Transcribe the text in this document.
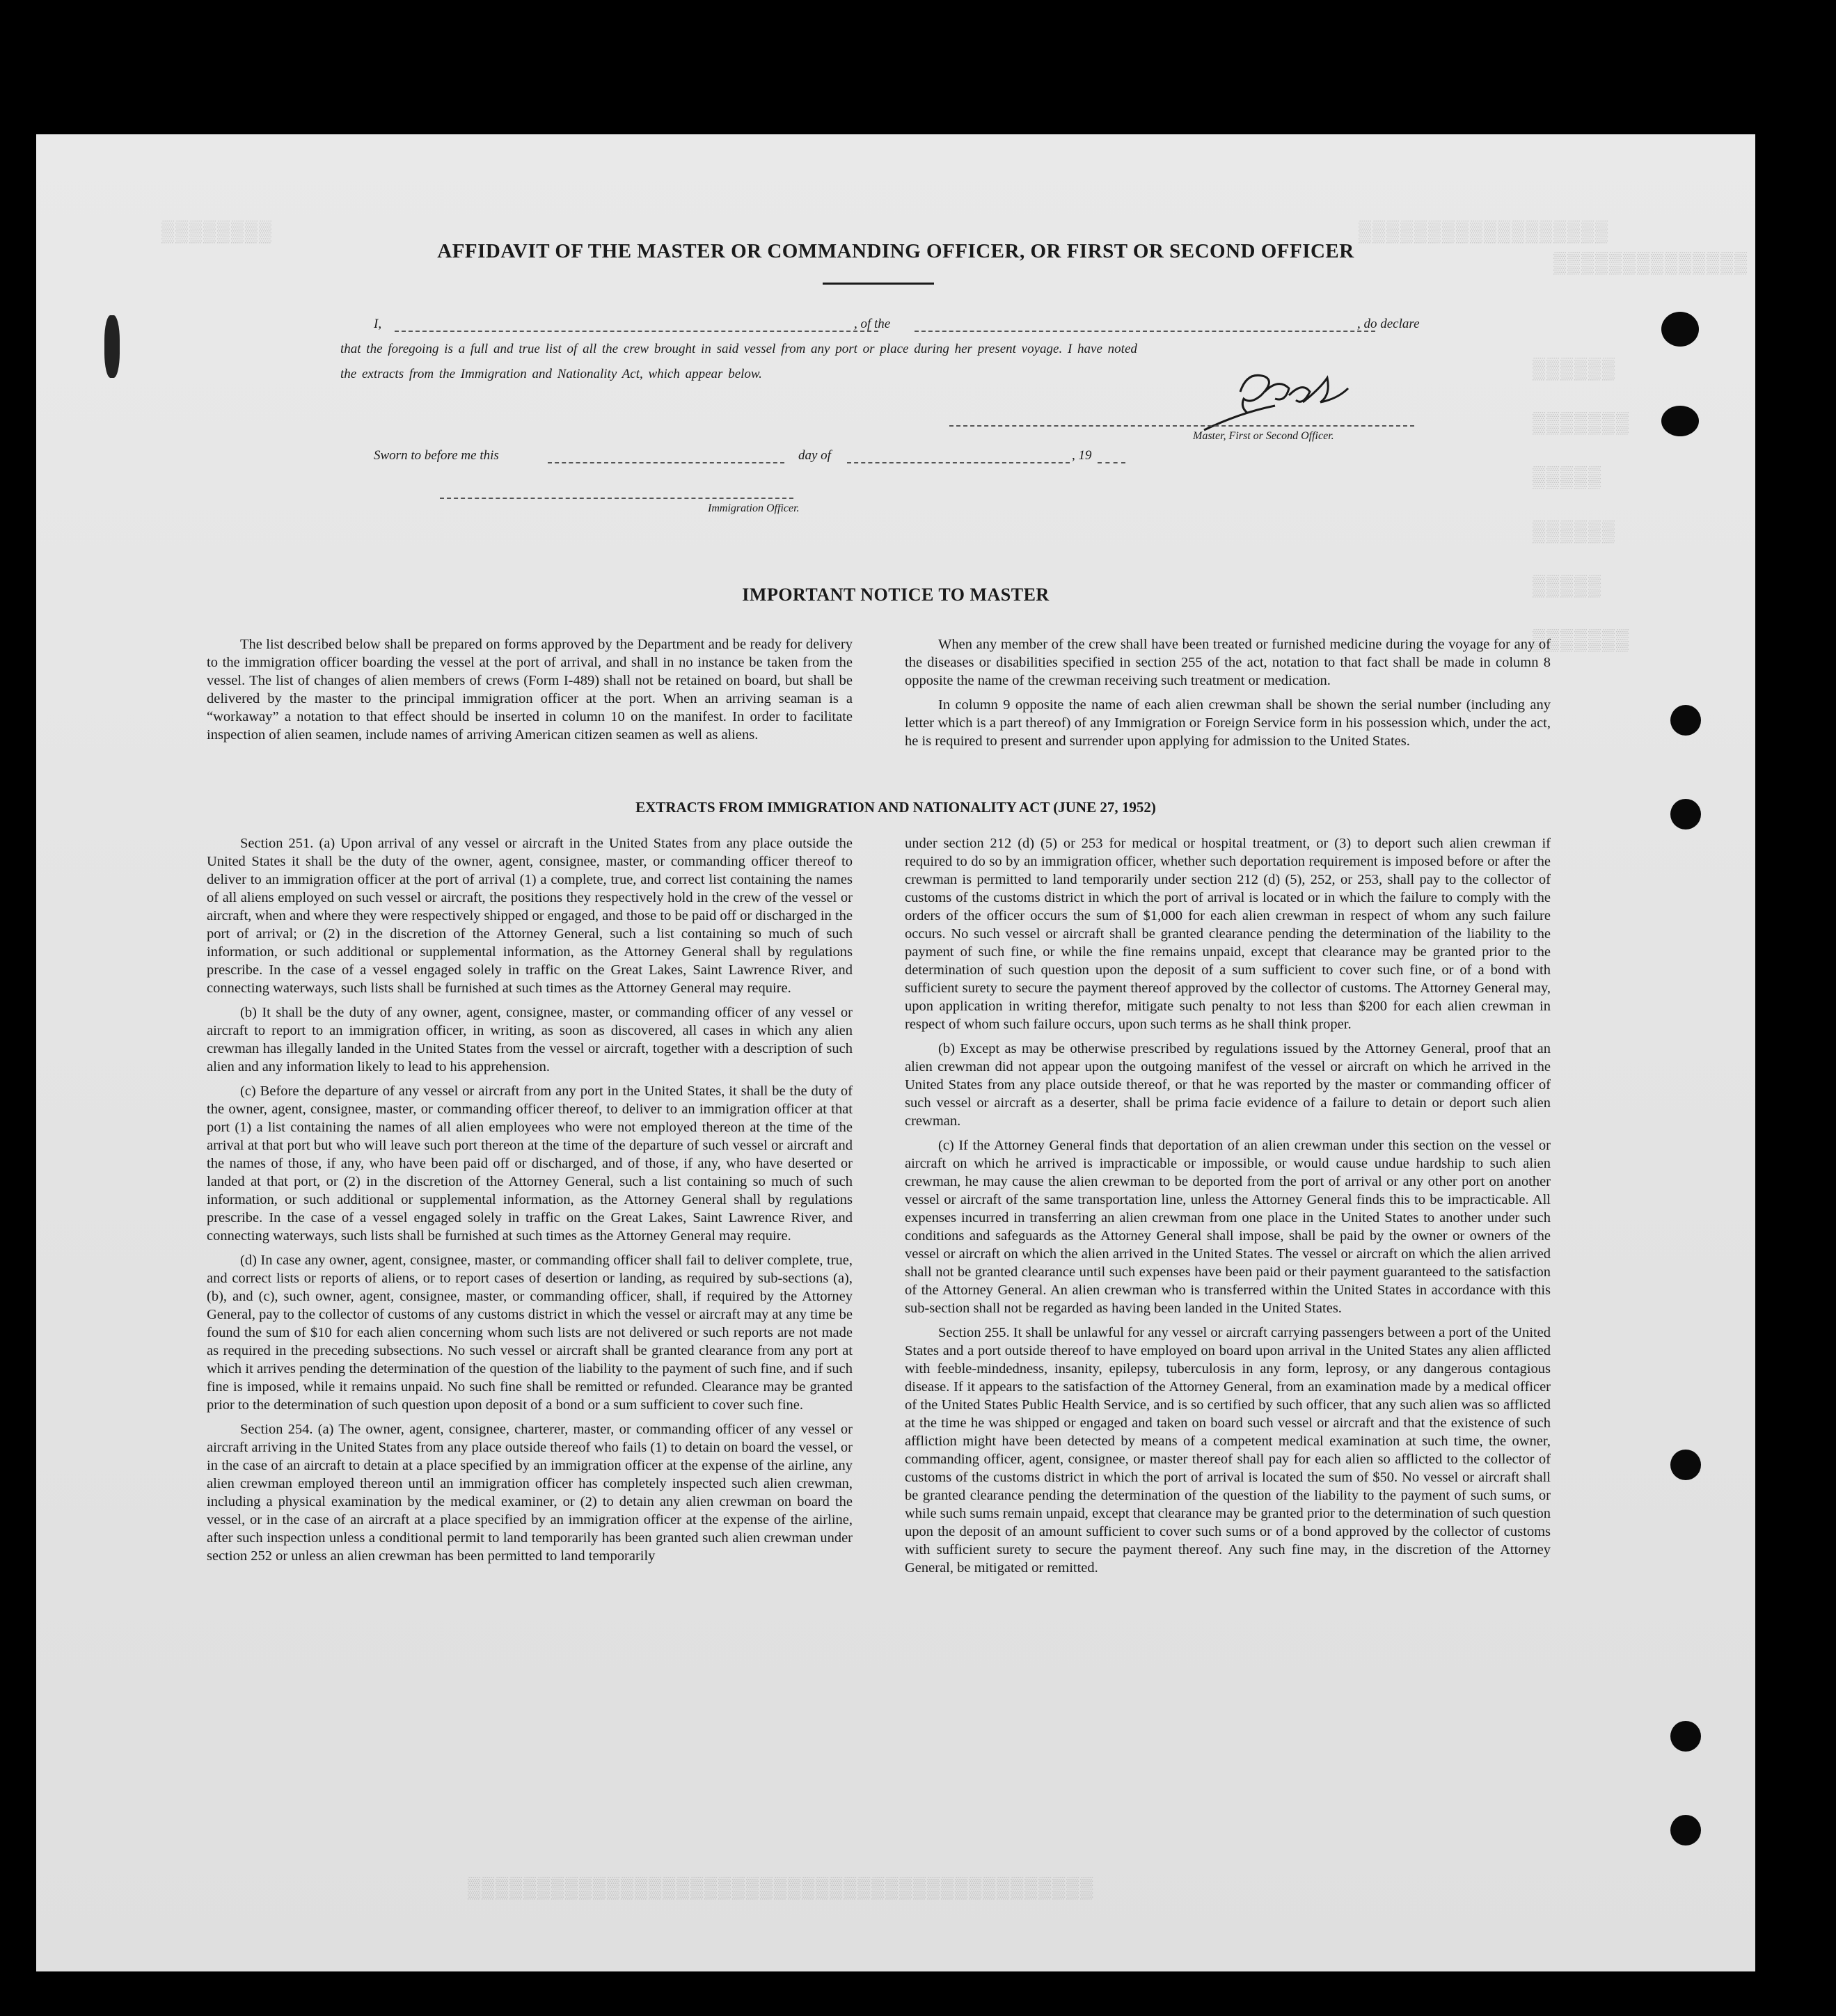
▒▒▒▒▒▒▒▒	▒▒▒▒▒▒▒▒▒▒▒▒▒▒▒▒▒▒
▒▒▒▒▒▒▒▒▒▒▒▒▒▒
▒▒▒▒▒▒
▒▒▒▒▒▒▒
▒▒▒▒▒
▒▒▒▒▒▒
▒▒▒▒▒
▒▒▒▒▒▒▒
AFFIDAVIT OF THE MASTER OR COMMANDING OFFICER, OR FIRST OR SECOND OFFICER
I,	, of the	, do declare
that the foregoing is a full and true list of all the crew brought in said vessel from any port or place during her present voyage. I have noted
the extracts from the Immigration and Nationality Act, which appear below.
Master, First or Second Officer.
Sworn to before me this	day of	, 19
Immigration Officer.
IMPORTANT NOTICE TO MASTER

The list described below shall be prepared on forms approved by the Department and be ready for delivery to the immigration officer boarding the vessel at the port of arrival, and shall in no instance be taken from the vessel. The list of changes of alien members of crews (Form I-489) shall not be retained on board, but shall be delivered by the master to the principal immigration officer at the port. When an arriving seaman is a “workaway” a notation to that effect should be inserted in column 10 on the manifest. In order to facilitate inspection of alien seamen, include names of arriving American citizen seamen as well as aliens.

When any member of the crew shall have been treated or furnished medicine during the voyage for any of the diseases or disabilities specified in section 255 of the act, notation to that fact shall be made in column 8 opposite the name of the crewman receiving such treatment or medication.

In column 9 opposite the name of each alien crewman shall be shown the serial number (including any letter which is a part thereof) of any Immigration or Foreign Service form in his possession which, under the act, he is required to present and surrender upon applying for admission to the United States.

EXTRACTS FROM IMMIGRATION AND NATIONALITY ACT (JUNE 27, 1952)

Section 251. (a) Upon arrival of any vessel or aircraft in the United States from any place outside the United States it shall be the duty of the owner, agent, consignee, master, or commanding officer thereof to deliver to an immigration officer at the port of arrival (1) a complete, true, and correct list containing the names of all aliens employed on such vessel or aircraft, the positions they respectively hold in the crew of the vessel or aircraft, when and where they were respectively shipped or engaged, and those to be paid off or discharged in the port of arrival; or (2) in the discretion of the Attorney General, such a list containing so much of such information, or such additional or supplemental information, as the Attorney General shall by regulations prescribe. In the case of a vessel engaged solely in traffic on the Great Lakes, Saint Lawrence River, and connecting waterways, such lists shall be furnished at such times as the Attorney General may require.

(b) It shall be the duty of any owner, agent, consignee, master, or commanding officer of any vessel or aircraft to report to an immigration officer, in writing, as soon as discovered, all cases in which any alien crewman has illegally landed in the United States from the vessel or aircraft, together with a description of such alien and any information likely to lead to his apprehension.

(c) Before the departure of any vessel or aircraft from any port in the United States, it shall be the duty of the owner, agent, consignee, master, or commanding officer thereof, to deliver to an immigration officer at that port (1) a list containing the names of all alien employees who were not employed thereon at the time of the arrival at that port but who will leave such port thereon at the time of the departure of such vessel or aircraft and the names of those, if any, who have been paid off or discharged, and of those, if any, who have deserted or landed at that port, or (2) in the discretion of the Attorney General, such a list containing so much of such information, or such additional or supplemental information, as the Attorney General shall by regulations prescribe. In the case of a vessel engaged solely in traffic on the Great Lakes, Saint Lawrence River, and connecting waterways, such lists shall be furnished at such times as the Attorney General may require.

(d) In case any owner, agent, consignee, master, or commanding officer shall fail to deliver complete, true, and correct lists or reports of aliens, or to report cases of desertion or landing, as required by sub-sections (a), (b), and (c), such owner, agent, consignee, master, or commanding officer, shall, if required by the Attorney General, pay to the collector of customs of any customs district in which the vessel or aircraft may at any time be found the sum of $10 for each alien concerning whom such lists are not delivered or such reports are not made as required in the preceding subsections. No such vessel or aircraft shall be granted clearance from any port at which it arrives pending the determination of the question of the liability to the payment of such fine, and if such fine is imposed, while it remains unpaid. No such fine shall be remitted or refunded. Clearance may be granted prior to the determination of such question upon deposit of a bond or a sum sufficient to cover such fine.

Section 254. (a) The owner, agent, consignee, charterer, master, or commanding officer of any vessel or aircraft arriving in the United States from any place outside thereof who fails (1) to detain on board the vessel, or in the case of an aircraft to detain at a place specified by an immigration officer at the expense of the airline, any alien crewman employed thereon until an immigration officer has completely inspected such alien crewman, including a physical examination by the medical examiner, or (2) to detain any alien crewman on board the vessel, or in the case of an aircraft at a place specified by an immigration officer at the expense of the airline, after such inspection unless a conditional permit to land temporarily has been granted such alien crewman under section 252 or unless an alien crewman has been permitted to land temporarily

under section 212 (d) (5) or 253 for medical or hospital treatment, or (3) to deport such alien crewman if required to do so by an immigration officer, whether such deportation requirement is imposed before or after the crewman is permitted to land temporarily under section 212 (d) (5), 252, or 253, shall pay to the collector of customs of the customs district in which the port of arrival is located or in which the failure to comply with the orders of the officer occurs the sum of $1,000 for each alien crewman in respect of whom any such failure occurs. No such vessel or aircraft shall be granted clearance pending the determination of the liability to the payment of such fine, or while the fine remains unpaid, except that clearance may be granted prior to the determination of such question upon the deposit of a sum sufficient to cover such fine, or of a bond with sufficient surety to secure the payment thereof approved by the collector of customs. The Attorney General may, upon application in writing therefor, mitigate such penalty to not less than $200 for each alien crewman in respect of whom such failure occurs, upon such terms as he shall think proper.

(b) Except as may be otherwise prescribed by regulations issued by the Attorney General, proof that an alien crewman did not appear upon the outgoing manifest of the vessel or aircraft on which he arrived in the United States from any place outside thereof, or that he was reported by the master or commanding officer of such vessel or aircraft as a deserter, shall be prima facie evidence of a failure to detain or deport such alien crewman.

(c) If the Attorney General finds that deportation of an alien crewman under this section on the vessel or aircraft on which he arrived is impracticable or impossible, or would cause undue hardship to such alien crewman, he may cause the alien crewman to be deported from the port of arrival or any other port on another vessel or aircraft of the same transportation line, unless the Attorney General finds this to be impracticable. All expenses incurred in transferring an alien crewman from one place in the United States to another under such conditions and safeguards as the Attorney General shall impose, shall be paid by the owner or owners of the vessel or aircraft on which the alien arrived in the United States. The vessel or aircraft on which the alien arrived shall not be granted clearance until such expenses have been paid or their payment guaranteed to the satisfaction of the Attorney General. An alien crewman who is transferred within the United States in accordance with this sub-section shall not be regarded as having been landed in the United States.

Section 255. It shall be unlawful for any vessel or aircraft carrying passengers between a port of the United States and a port outside thereof to have employed on board upon arrival in the United States any alien afflicted with feeble-mindedness, insanity, epilepsy, tuberculosis in any form, leprosy, or any dangerous contagious disease. If it appears to the satisfaction of the Attorney General, from an examination made by a medical officer of the United States Public Health Service, and is so certified by such officer, that any such alien was so afflicted at the time he was shipped or engaged and taken on board such vessel or aircraft and that the existence of such affliction might have been detected by means of a competent medical examination at such time, the owner, commanding officer, agent, consignee, or master thereof shall pay for each alien so afflicted to the collector of customs of the customs district in which the port of arrival is located the sum of $50. No vessel or aircraft shall be granted clearance pending the determination of the question of the liability to the payment of such sums, or while such sums remain unpaid, except that clearance may be granted prior to the determination of such question upon the deposit of an amount sufficient to cover such sums or of a bond approved by the collector of customs with sufficient surety to secure the payment thereof. Any such fine may, in the discretion of the Attorney General, be mitigated or remitted.

▒▒▒▒▒▒▒▒▒▒▒▒▒▒▒▒▒▒▒▒▒▒▒▒▒▒▒▒▒▒▒▒▒▒▒▒▒▒▒▒▒▒▒▒▒
